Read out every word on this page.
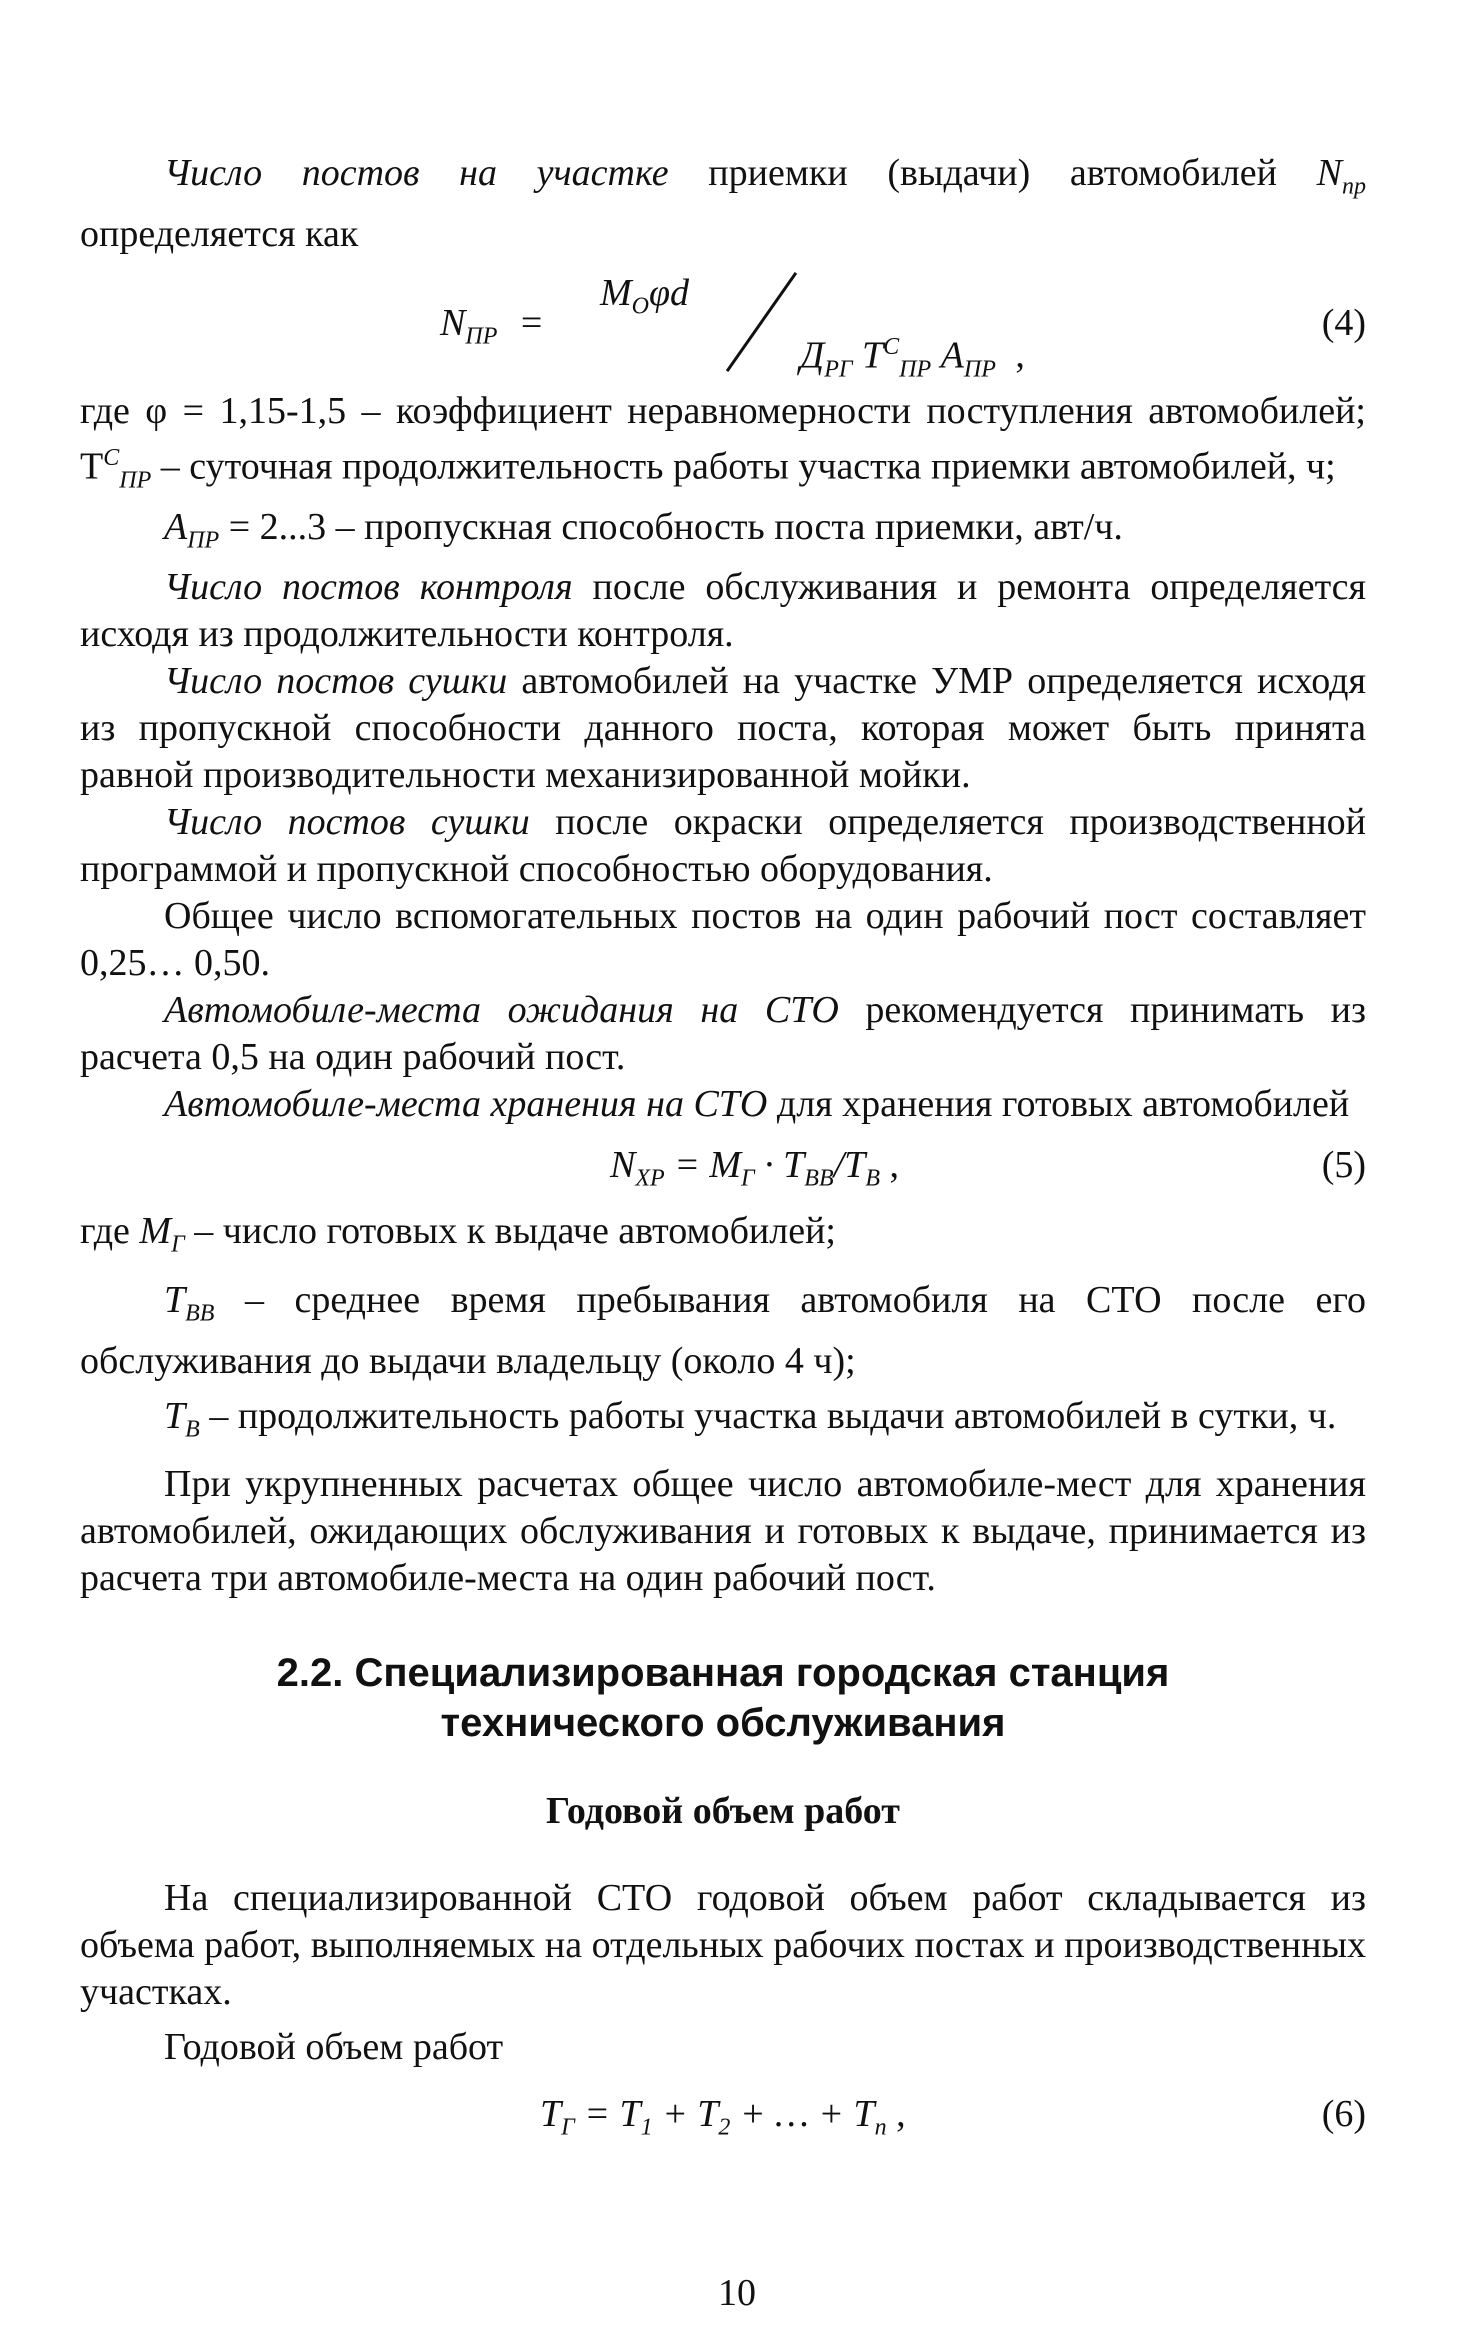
Число постов на участке приемки (выдачи) автомобилей $N_{пр}$ определяется как

$N_{ПР}$ =
$M_O\varphi d$
$Д_{РГ}$ $T^C_{ПР}$ $A_{ПР}$ ,
(4)

где φ = 1,15-1,5 – коэффициент неравномерности поступления автомобилей; $T^C_{ПР}$ – суточная продолжительность работы участка приемки автомобилей, ч;

$A_{ПР} = 2...3$ – пропускная способность поста приемки, авт/ч.

Число постов контроля после обслуживания и ремонта определяется исходя из продолжительности контроля.

Число постов сушки автомобилей на участке УМР определяется исходя из пропускной способности данного поста, которая может быть принята равной производительности механизированной мойки.

Число постов сушки после окраски определяется производственной программой и пропускной способностью оборудования.

Общее число вспомогательных постов на один рабочий пост составляет 0,25… 0,50.

Автомобиле-места ожидания на СТО рекомендуется принимать из расчета 0,5 на один рабочий пост.

Автомобиле-места хранения на СТО для хранения готовых автомобилей

$N_{ХР} = M_Г \cdot T_{ВВ}/T_В$ ,	(5)

где $M_Г$ – число готовых к выдаче автомобилей;

$T_{ВВ}$ – среднее время пребывания автомобиля на СТО после его обслуживания до выдачи владельцу (около 4 ч);

$T_В$ – продолжительность работы участка выдачи автомобилей в сутки, ч.

При укрупненных расчетах общее число автомобиле-мест для хранения автомобилей, ожидающих обслуживания и готовых к выдаче, принимается из расчета три автомобиле-места на один рабочий пост.

2.2. Специализированная городская станция
технического обслуживания
Годовой объем работ

На специализированной СТО годовой объем работ складывается из объема работ, выполняемых на отдельных рабочих постах и производственных участках.

Годовой объем работ

$T_Г = T_1 + T_2$ + … + $T_n$ ,	(6)
10
